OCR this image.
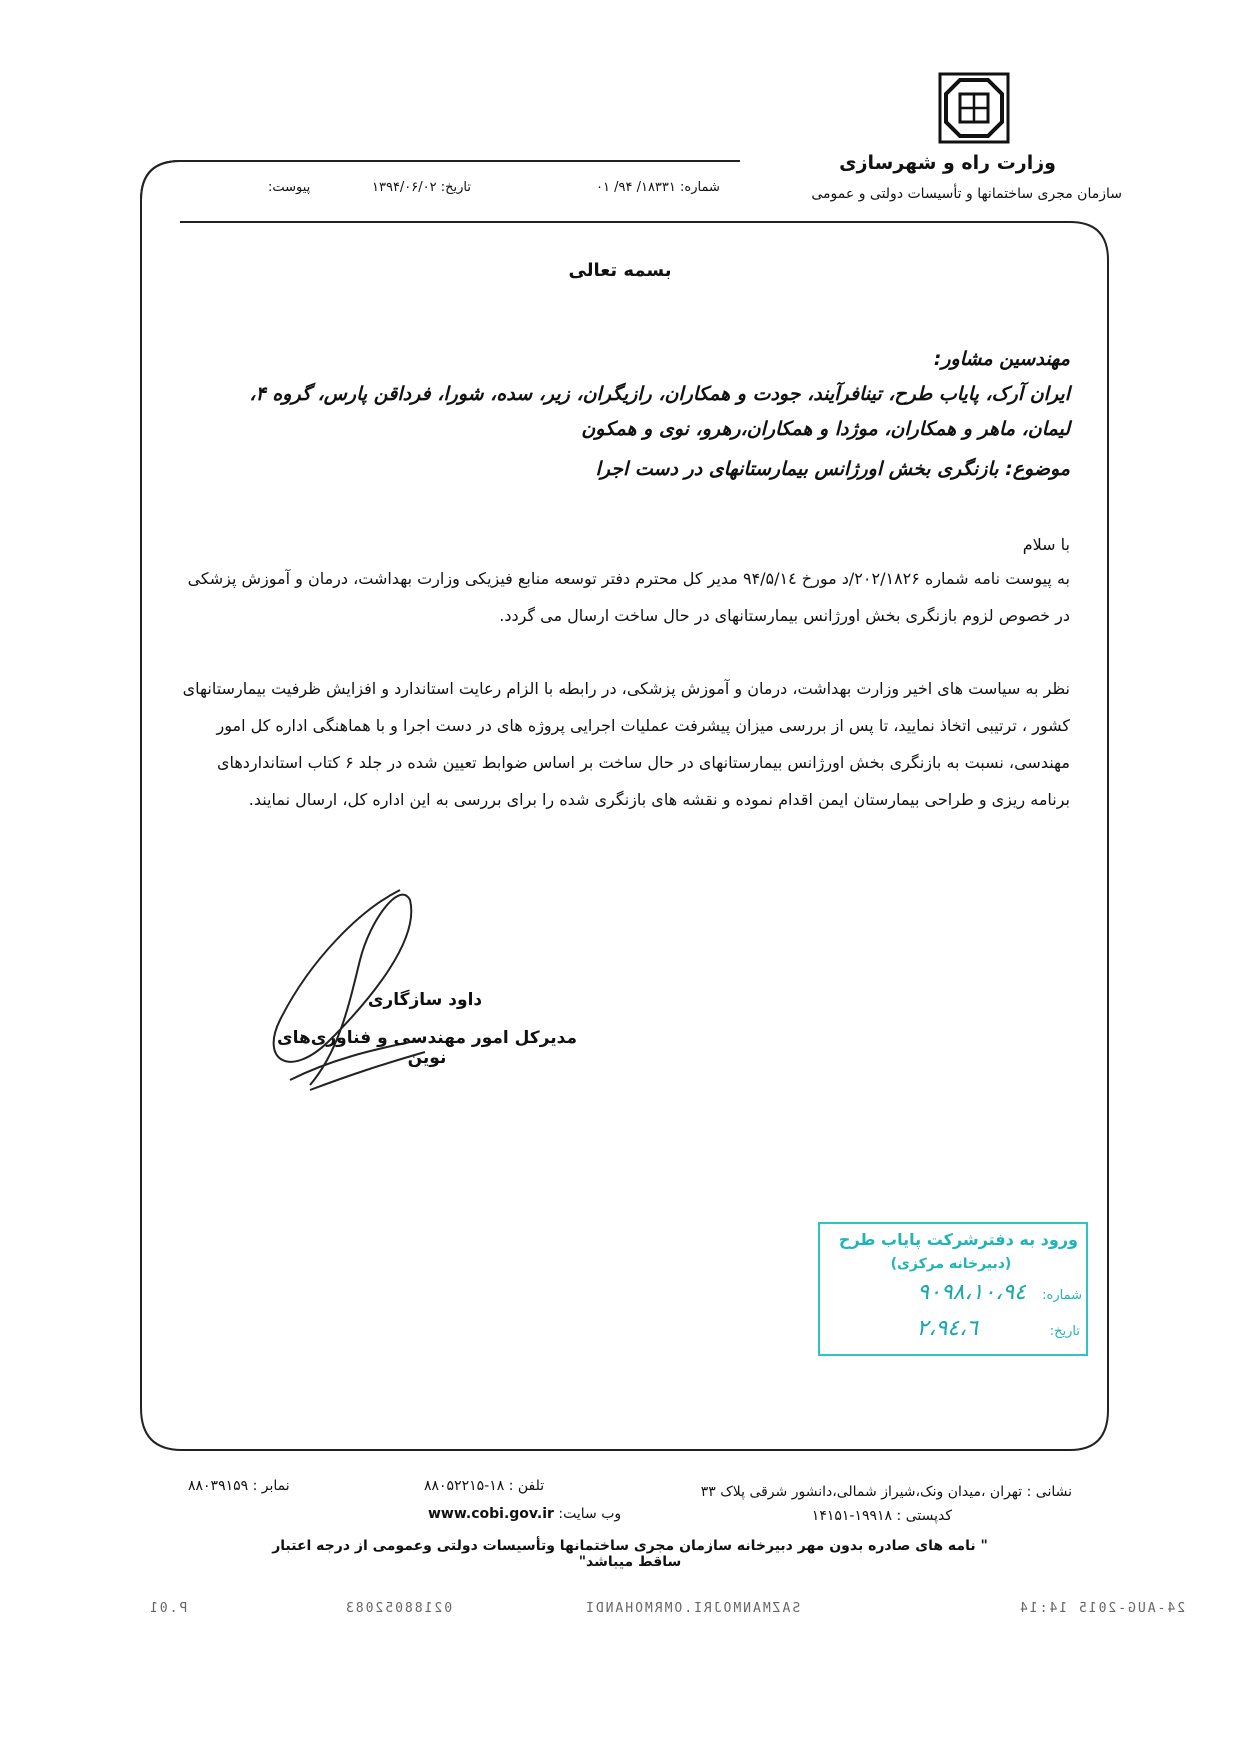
وزارت راه و شهرسازی
سازمان مجری ساختمانها و تأسیسات دولتی و عمومی
شماره: ۱۸۳۳۱/ ۹۴/ ۰۱
تاریخ: ۱۳۹۴/۰۶/۰۲
پیوست:
بسمه تعالی
مهندسین مشاور:
ایران آرک، پایاب طرح، تینافرآیند، جودت و همکاران، رازیگران، زیر، سده، شورا، فرداقن پارس، گروه ۴،
لیمان، ماهر و همکاران، موژدا و همکاران،رهرو، نوی و همکون
موضوع: بازنگری بخش اورژانس بیمارستانهای در دست اجرا
با سلام
به پیوست نامه شماره ۲۰۲/۱۸۲۶/د مورخ ۹۴/۵/۱٤ مدیر کل محترم دفتر توسعه منابع فیزیکی وزارت بهداشت، درمان و آموزش پزشکی در خصوص لزوم بازنگری بخش اورژانس بیمارستانهای در حال ساخت ارسال می گردد.
نظر به سیاست های اخیر وزارت بهداشت، درمان و آموزش پزشکی، در رابطه با الزام رعایت استاندارد و افزایش ظرفیت بیمارستانهای کشور ، ترتیبی اتخاذ نمایید، تا پس از بررسی میزان پیشرفت عملیات اجرایی پروژه های در دست اجرا و با هماهنگی اداره کل امور مهندسی، نسبت به بازنگری بخش اورژانس بیمارستانهای در حال ساخت بر اساس ضوابط تعیین شده در جلد ۶ کتاب استانداردهای برنامه ریزی و طراحی بیمارستان ایمن اقدام نموده و نقشه های بازنگری شده را برای بررسی به این اداره کل، ارسال نمایند.
داود سازگاری
مدیرکل امور مهندسی و فناوری‌های نوین
ورود به دفترشرکت پایاب طرح
(دبیرخانه مرکزی)
شماره:
۱۰،۹٤،۹۰۹۸
تاریخ:
۹٤،٦،۲
نشانی : تهران ،میدان ونک،شیراز شمالی،دانشور شرقی پلاک ۳۳
تلفن : ۱۸-۸۸۰۵۲۲۱۵
نمابر : ۸۸۰۳۹۱۵۹
کدپستی : ۱۹۹۱۸-۱۴۱۵۱
وب سایت: www.cobi.gov.ir
" نامه های صادره بدون مهر دبیرخانه سازمان مجری ساختمانها وتأسیسات دولتی وعمومی از درجه اعتبار ساقط میباشد"
24-AUG-2015 14:14
SAZMANMOJRI.OMRMOHANDI
02188052083
P.01
